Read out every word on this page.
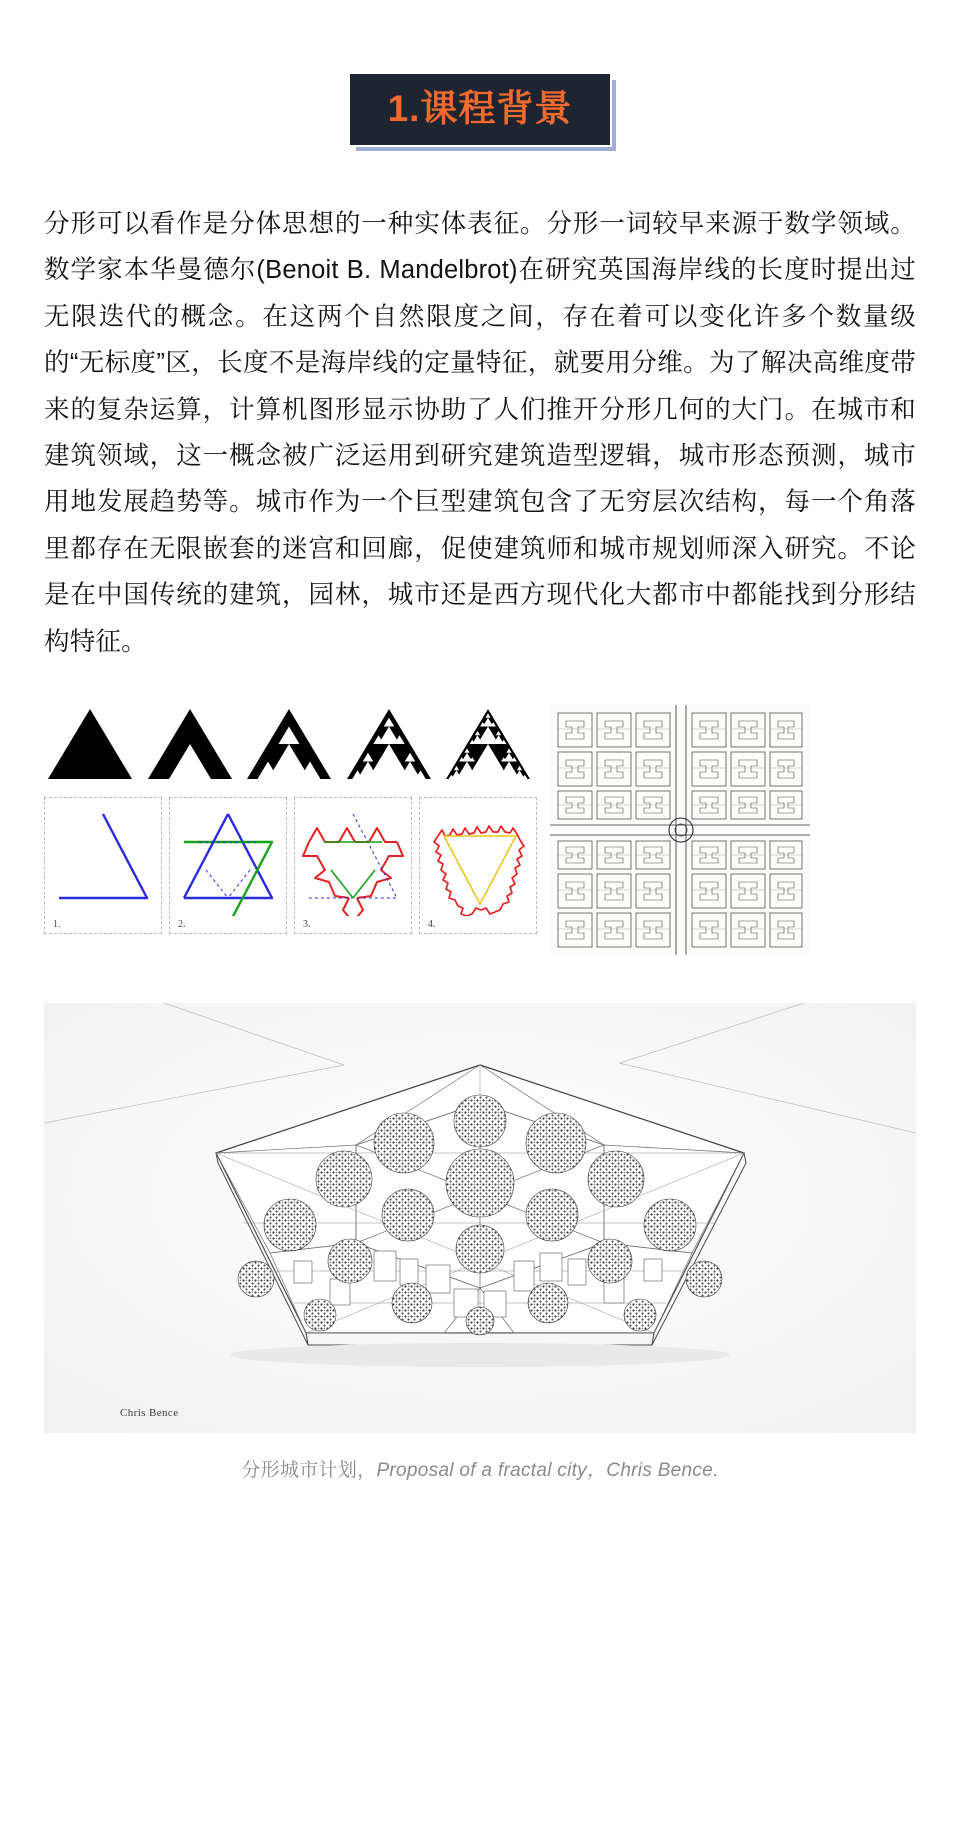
1.课程背景
分形可以看作是分体思想的一种实体表征。分形一词较早来源于数学领域。数学家本华曼德尔(Benoit B. Mandelbrot)在研究英国海岸线的长度时提出过无限迭代的概念。在这两个自然限度之间，存在着可以变化许多个数量级的“无标度”区，长度不是海岸线的定量特征，就要用分维。为了解决高维度带来的复杂运算，计算机图形显示协助了人们推开分形几何的大门。在城市和建筑领域，这一概念被广泛运用到研究建筑造型逻辑，城市形态预测，城市用地发展趋势等。城市作为一个巨型建筑包含了无穷层次结构，每一个角落里都存在无限嵌套的迷宫和回廊，促使建筑师和城市规划师深入研究。不论是在中国传统的建筑，园林，城市还是西方现代化大都市中都能找到分形结构特征。
1.	2.	3.	4.
Chris Bence
分形城市计划，Proposal of a fractal city，Chris Bence.
